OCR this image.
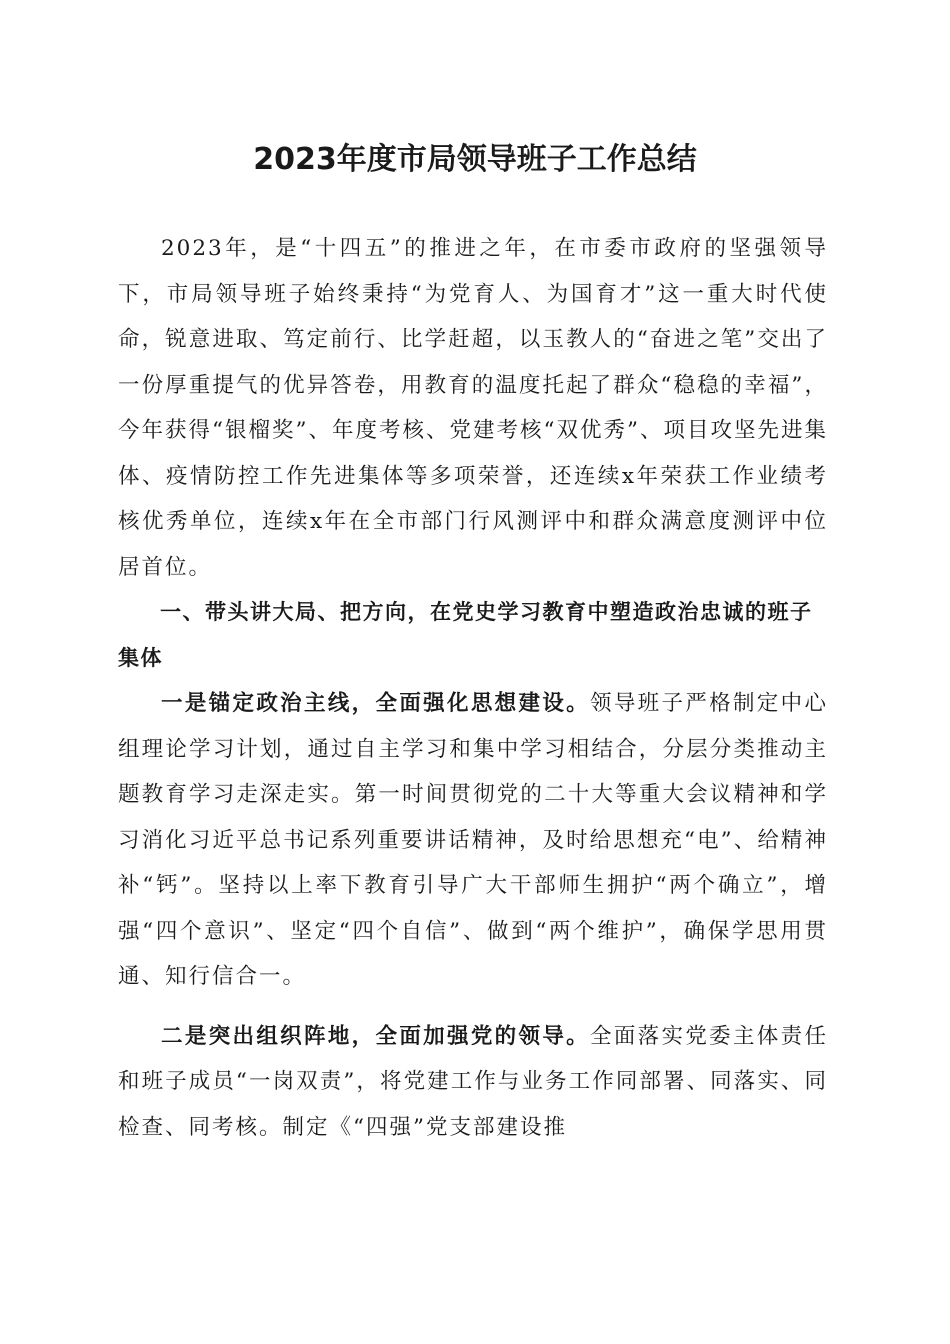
2023年度市局领导班子工作总结

2023年，是“十四五”的推进之年，在市委市政府的坚强领导下，市局领导班子始终秉持“为党育人、为国育才”这一重大时代使命，锐意进取、笃定前行、比学赶超，以玉教人的“奋进之笔”交出了一份厚重提气的优异答卷，用教育的温度托起了群众“稳稳的幸福”，今年获得“银榴奖”、年度考核、党建考核“双优秀”、项目攻坚先进集体、疫情防控工作先进集体等多项荣誉，还连续x年荣获工作业绩考核优秀单位，连续x年在全市部门行风测评中和群众满意度测评中位居首位。

一、带头讲大局、把方向，在党史学习教育中塑造政治忠诚的班子集体

一是锚定政治主线，全面强化思想建设。领导班子严格制定中心组理论学习计划，通过自主学习和集中学习相结合，分层分类推动主题教育学习走深走实。第一时间贯彻党的二十大等重大会议精神和学习消化习近平总书记系列重要讲话精神，及时给思想充“电”、给精神补“钙”。坚持以上率下教育引导广大干部师生拥护“两个确立”，增强“四个意识”、坚定“四个自信”、做到“两个维护”，确保学思用贯通、知行信合一。

二是突出组织阵地，全面加强党的领导。全面落实党委主体责任和班子成员“一岗双责”，将党建工作与业务工作同部署、同落实、同检查、同考核。制定《“四强”党支部建设推
